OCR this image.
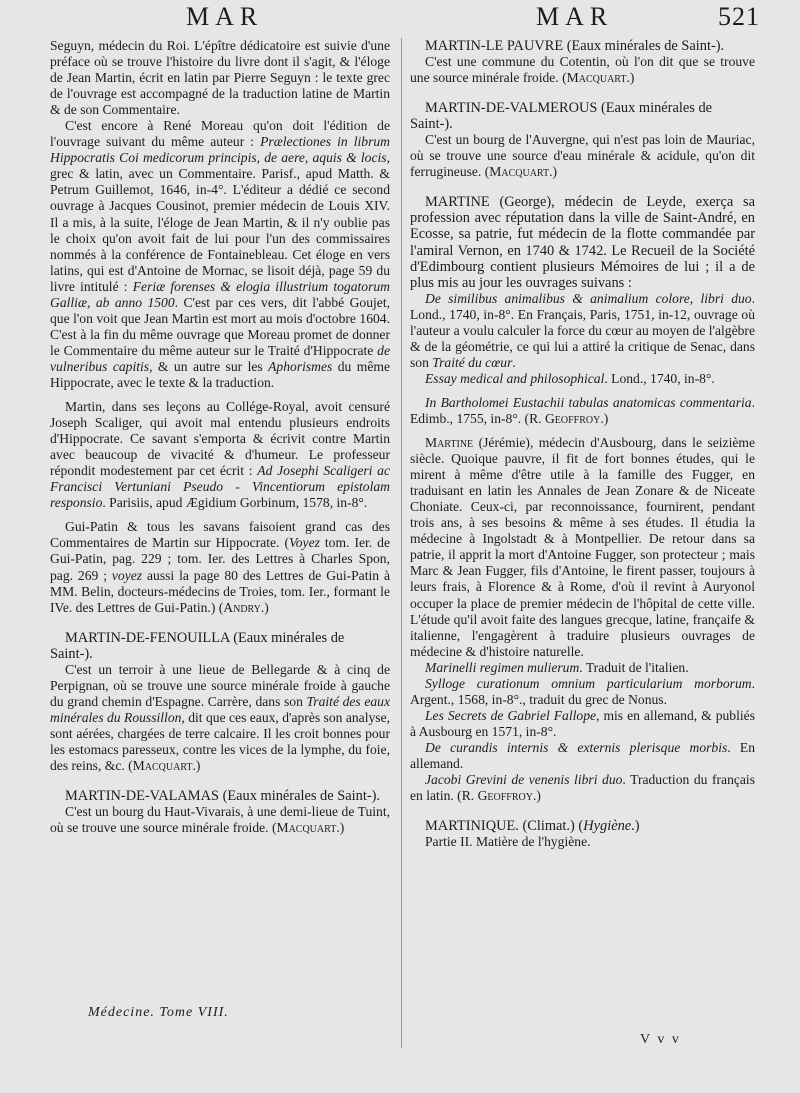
MAR	MAR	521

Seguyn, médecin du Roi. L'épître dédicatoire est suivie d'une préface où se trouve l'histoire du livre dont il s'agit, & l'éloge de Jean Martin, écrit en latin par Pierre Seguyn : le texte grec de l'ouvrage est accompagné de la traduction latine de Martin & de son Commentaire.

C'est encore à René Moreau qu'on doit l'édition de l'ouvrage suivant du même auteur : Prælectiones in librum Hippocratis Coi medicorum principis, de aere, aquis & locis, grec & latin, avec un Commentaire. Parisf., apud Matth. & Petrum Guillemot, 1646, in-4°. L'éditeur a dédié ce second ouvrage à Jacques Cousinot, premier médecin de Louis XIV. Il a mis, à la suite, l'éloge de Jean Martin, & il n'y oublie pas le choix qu'on avoit fait de lui pour l'un des commissaires nommés à la conférence de Fontainebleau. Cet éloge en vers latins, qui est d'Antoine de Mornac, se lisoit déjà, page 59 du livre intitulé : Feriæ forenses & elogia illustrium togatorum Galliæ, ab anno 1500. C'est par ces vers, dit l'abbé Goujet, que l'on voit que Jean Martin est mort au mois d'octobre 1604. C'est à la fin du même ouvrage que Moreau promet de donner le Commentaire du même auteur sur le Traité d'Hippocrate de vulneribus capitis, & un autre sur les Aphorismes du même Hippocrate, avec le texte & la traduction.

Martin, dans ses leçons au Collége-Royal, avoit censuré Joseph Scaliger, qui avoit mal entendu plusieurs endroits d'Hippocrate. Ce savant s'emporta & écrivit contre Martin avec beaucoup de vivacité & d'humeur. Le professeur répondit modestement par cet écrit : Ad Josephi Scaligeri ac Francisci Vertuniani Pseudo - Vincentiorum epistolam responsio. Parisiis, apud Ægidium Gorbinum, 1578, in-8°.

Gui-Patin & tous les savans faisoient grand cas des Commentaires de Martin sur Hippocrate. (Voyez tom. Ier. de Gui-Patin, pag. 229 ; tom. Ier. des Lettres à Charles Spon, pag. 269 ; voyez aussi la page 80 des Lettres de Gui-Patin à MM. Belin, docteurs-médecins de Troies, tom. Ier., formant le IVe. des Lettres de Gui-Patin.) (Andry.)

MARTIN-DE-FENOUILLA (Eaux minérales de Saint-).

C'est un terroir à une lieue de Bellegarde & à cinq de Perpignan, où se trouve une source minérale froide à gauche du grand chemin d'Espagne. Carrère, dans son Traité des eaux minérales du Roussillon, dit que ces eaux, d'après son analyse, sont aérées, chargées de terre calcaire. Il les croit bonnes pour les estomacs paresseux, contre les vices de la lymphe, du foie, des reins, &c. (Macquart.)

MARTIN-DE-VALAMAS (Eaux minérales de Saint-).

C'est un bourg du Haut-Vivarais, à une demi-lieue de Tuint, où se trouve une source minérale froide. (Macquart.)

MARTIN-LE PAUVRE (Eaux minérales de Saint-).

C'est une commune du Cotentin, où l'on dit que se trouve une source minérale froide. (Macquart.)

MARTIN-DE-VALMEROUS (Eaux minérales de Saint-).

C'est un bourg de l'Auvergne, qui n'est pas loin de Mauriac, où se trouve une source d'eau minérale & acidule, qu'on dit ferrugineuse. (Macquart.)

MARTINE (George), médecin de Leyde, exerça sa profession avec réputation dans la ville de Saint-André, en Ecosse, sa patrie, fut médecin de la flotte commandée par l'amiral Vernon, en 1740 & 1742. Le Recueil de la Société d'Edimbourg contient plusieurs Mémoires de lui ; il a de plus mis au jour les ouvrages suivans :

De similibus animalibus & animalium colore, libri duo. Lond., 1740, in-8°. En Français, Paris, 1751, in-12, ouvrage où l'auteur a voulu calculer la force du cœur au moyen de l'algèbre & de la géométrie, ce qui lui a attiré la critique de Senac, dans son Traité du cœur.

Essay medical and philosophical. Lond., 1740, in-8°.

In Bartholomei Eustachii tabulas anatomicas commentaria. Edimb., 1755, in-8°. (R. Geoffroy.)

Martine (Jérémie), médecin d'Ausbourg, dans le seizième siècle. Quoique pauvre, il fit de fort bonnes études, qui le mirent à même d'être utile à la famille des Fugger, en traduisant en latin les Annales de Jean Zonare & de Niceate Choniate. Ceux-ci, par reconnoissance, fournirent, pendant trois ans, à ses besoins & même à ses études. Il étudia la médecine à Ingolstadt & à Montpellier. De retour dans sa patrie, il apprit la mort d'Antoine Fugger, son protecteur ; mais Marc & Jean Fugger, fils d'Antoine, le firent passer, toujours à leurs frais, à Florence & à Rome, d'où il revint à Auryonol occuper la place de premier médecin de l'hôpital de cette ville. L'étude qu'il avoit faite des langues grecque, latine, françaife & italienne, l'engagèrent à traduire plusieurs ouvrages de médecine & d'histoire naturelle.

Marinelli regimen mulierum. Traduit de l'italien.

Sylloge curationum omnium particularium morborum. Argent., 1568, in-8°., traduit du grec de Nonus.

Les Secrets de Gabriel Fallope, mis en allemand, & publiés à Ausbourg en 1571, in-8°.

De curandis internis & externis plerisque morbis. En allemand.

Jacobi Grevini de venenis libri duo. Traduction du français en latin. (R. Geoffroy.)

MARTINIQUE. (Climat.) (Hygiène.)

Partie II. Matière de l'hygiène.

Médecine. Tome VIII.
V v v
